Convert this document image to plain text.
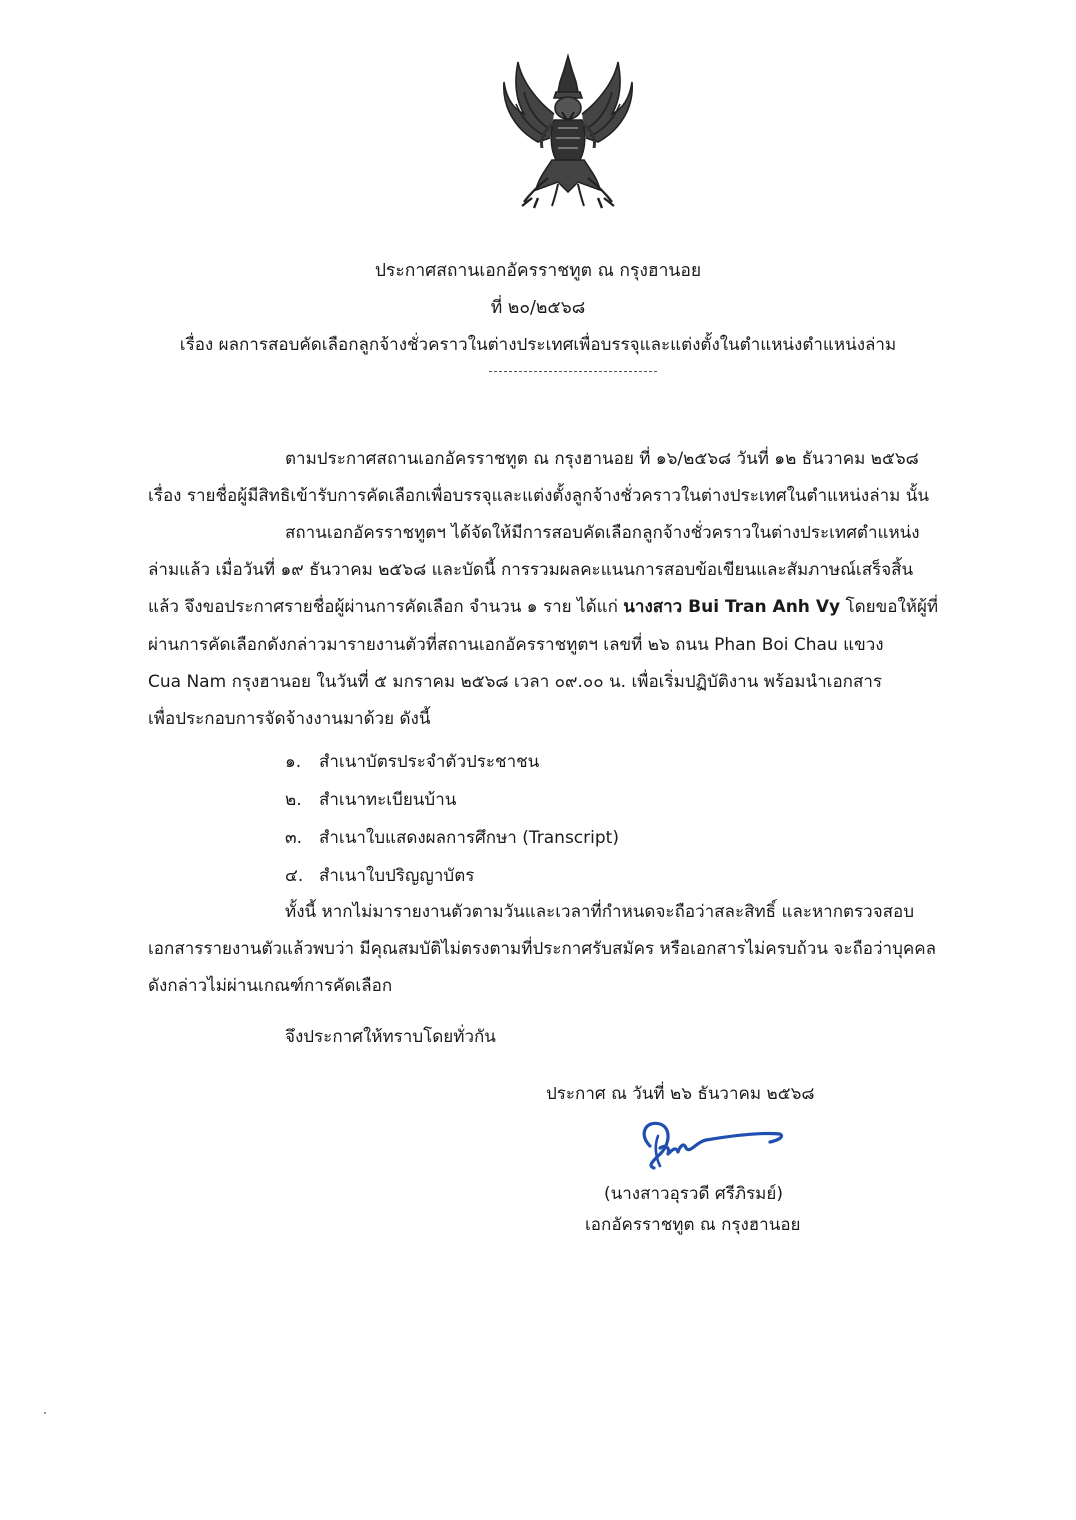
ประกาศสถานเอกอัครราชทูต ณ กรุงฮานอย
ที่ ๒๐/๒๕๖๘
เรื่อง ผลการสอบคัดเลือกลูกจ้างชั่วคราวในต่างประเทศเพื่อบรรจุและแต่งตั้งในตำแหน่งตำแหน่งล่าม
ตามประกาศสถานเอกอัครราชทูต ณ กรุงฮานอย ที่ ๑๖/๒๕๖๘ วันที่ ๑๒ ธันวาคม ๒๕๖๘
เรื่อง รายชื่อผู้มีสิทธิเข้ารับการคัดเลือกเพื่อบรรจุและแต่งตั้งลูกจ้างชั่วคราวในต่างประเทศในตำแหน่งล่าม นั้น
สถานเอกอัครราชทูตฯ ได้จัดให้มีการสอบคัดเลือกลูกจ้างชั่วคราวในต่างประเทศตำแหน่ง
ล่ามแล้ว เมื่อวันที่ ๑๙ ธันวาคม ๒๕๖๘ และบัดนี้ การรวมผลคะแนนการสอบข้อเขียนและสัมภาษณ์เสร็จสิ้น
แล้ว จึงขอประกาศรายชื่อผู้ผ่านการคัดเลือก จำนวน ๑ ราย ได้แก่ นางสาว Bui Tran Anh Vy โดยขอให้ผู้ที่
ผ่านการคัดเลือกดังกล่าวมารายงานตัวที่สถานเอกอัครราชทูตฯ เลขที่ ๒๖ ถนน Phan Boi Chau แขวง
Cua Nam กรุงฮานอย ในวันที่ ๕ มกราคม ๒๕๖๘ เวลา ๐๙.๐๐ น. เพื่อเริ่มปฏิบัติงาน พร้อมนำเอกสาร
เพื่อประกอบการจัดจ้างงานมาด้วย ดังนี้
๑. สำเนาบัตรประจำตัวประชาชน
๒. สำเนาทะเบียนบ้าน
๓. สำเนาใบแสดงผลการศึกษา (Transcript)
๔. สำเนาใบปริญญาบัตร
ทั้งนี้ หากไม่มารายงานตัวตามวันและเวลาที่กำหนดจะถือว่าสละสิทธิ์ และหากตรวจสอบ
เอกสารรายงานตัวแล้วพบว่า มีคุณสมบัติไม่ตรงตามที่ประกาศรับสมัคร หรือเอกสารไม่ครบถ้วน จะถือว่าบุคคล
ดังกล่าวไม่ผ่านเกณฑ์การคัดเลือก
จึงประกาศให้ทราบโดยทั่วกัน
ประกาศ ณ วันที่ ๒๖ ธันวาคม ๒๕๖๘
(นางสาวอุรวดี ศรีภิรมย์)
เอกอัครราชทูต ณ กรุงฮานอย
